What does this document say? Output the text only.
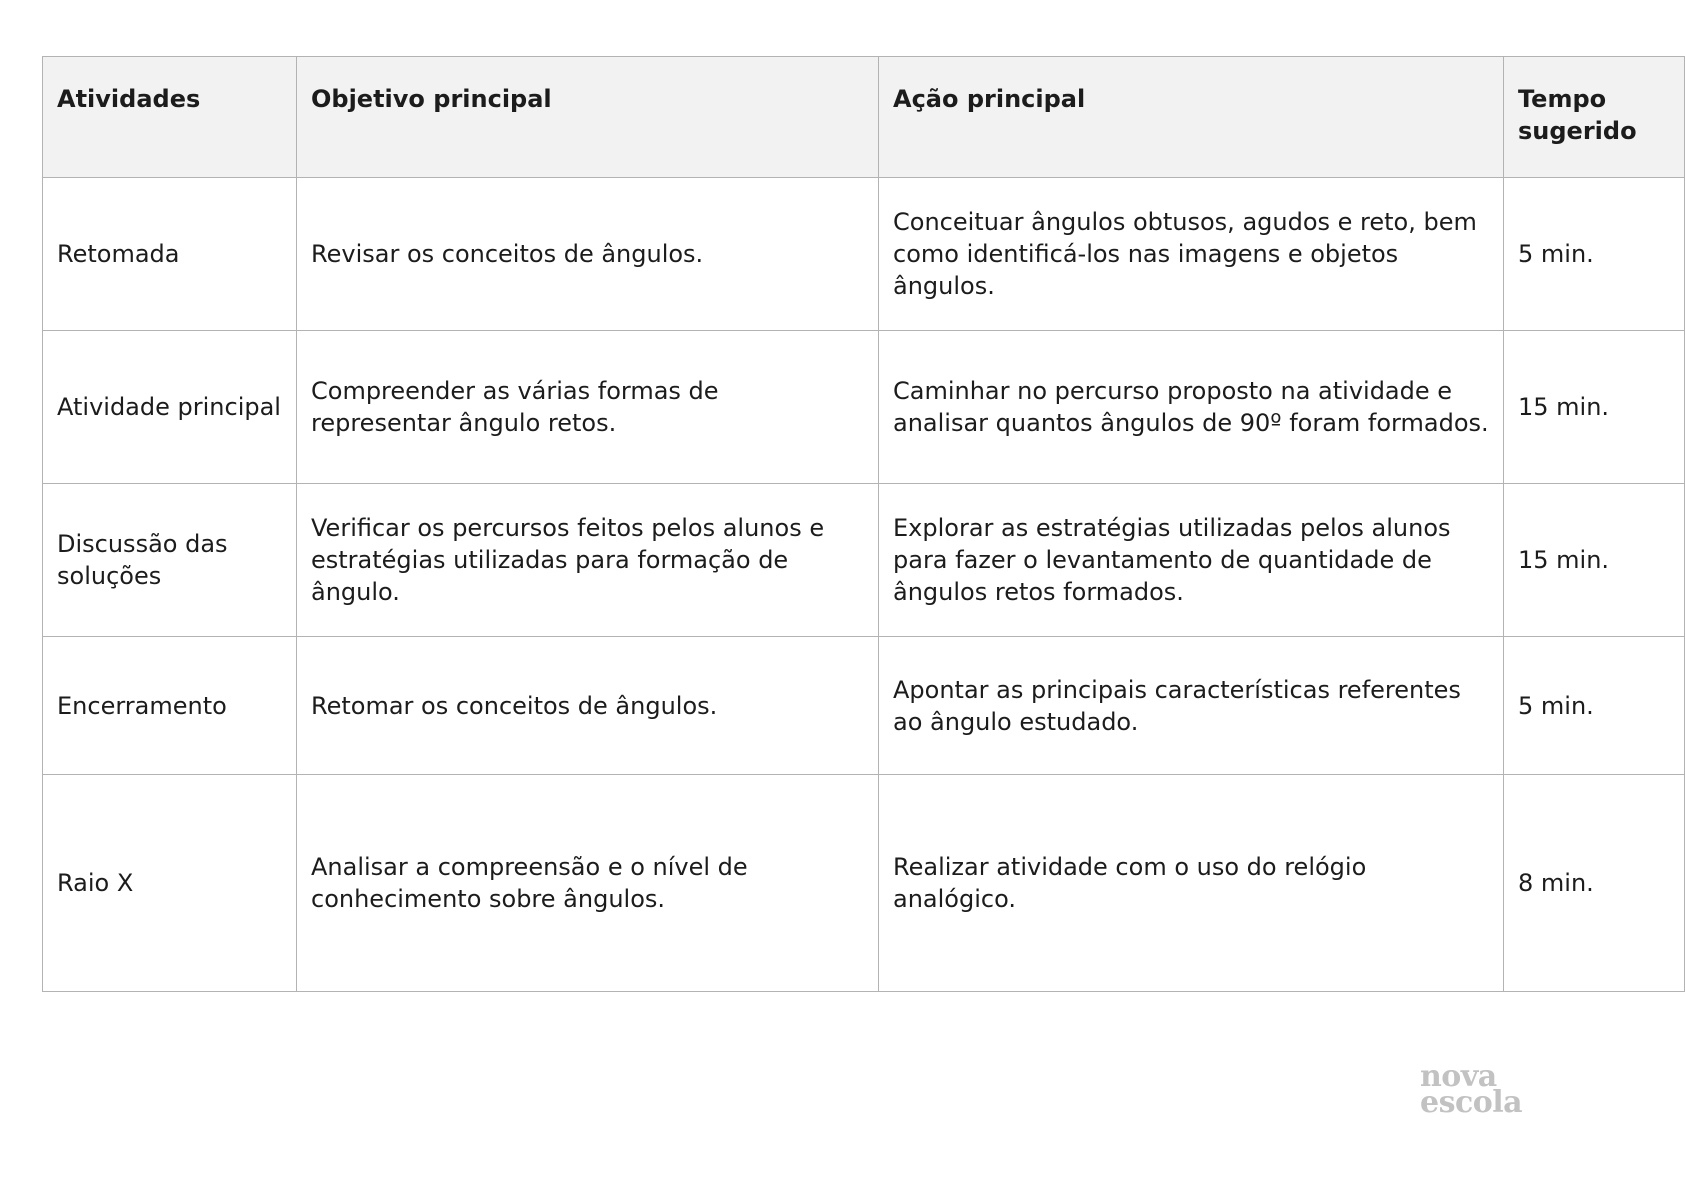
Atividades	Objetivo principal	Ação principal	Tempo sugerido
Retomada	Revisar os conceitos de ângulos.	Conceituar ângulos obtusos, agudos e reto, bem como identificá-los nas imagens e objetos ângulos.	5 min.
Atividade principal	Compreender as várias formas de representar ângulo retos.	Caminhar no percurso proposto na atividade e analisar quantos ângulos de 90º foram formados.	15 min.
Discussão das soluções	Verificar os percursos feitos pelos alunos e estratégias utilizadas para formação de ângulo.	Explorar as estratégias utilizadas pelos alunos para fazer o levantamento de quantidade de ângulos retos formados.	15 min.
Encerramento	Retomar os conceitos de ângulos.	Apontar as principais características referentes ao ângulo estudado.	5 min.
Raio X	Analisar a compreensão e o nível de conhecimento sobre ângulos.	Realizar atividade com o uso do relógio analógico.	8 min.
nova
escola
